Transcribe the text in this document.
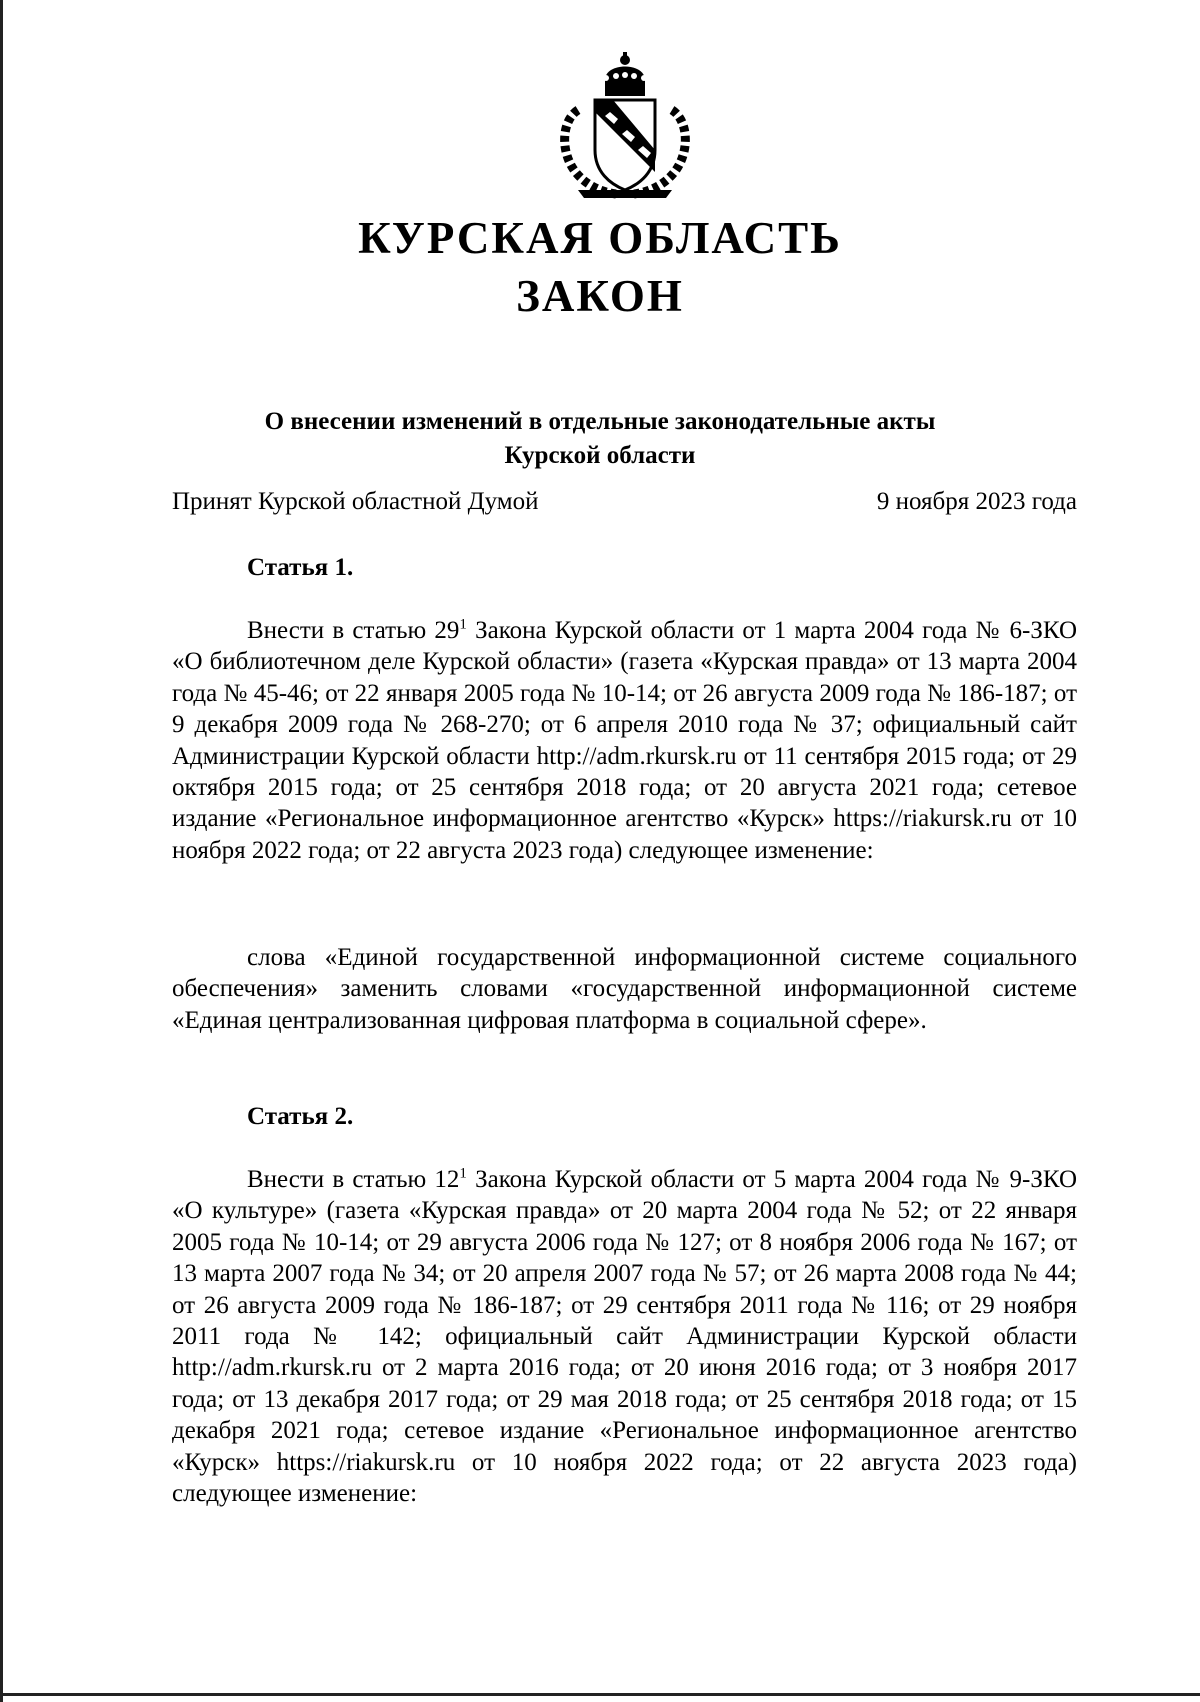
КУРСКАЯ ОБЛАСТЬ
ЗАКОН
О внесении изменений в отдельные законодательные акты
Курской области
Принят Курской областной Думой	9 ноября 2023 года
Статья 1.

Внести в статью $29^1$ Закона Курской области от 1 марта 2004 года № 6-ЗКО «О библиотечном деле Курской области» (газета «Курская правда» от 13 марта 2004 года № 45-46; от 22 января 2005 года № 10-14; от 26 августа 2009 года № 186-187; от 9 декабря 2009 года № 268-270; от 6 апреля 2010 года № 37; официальный сайт Администрации Курской области http://adm.rkursk.ru от 11 сентября 2015 года; от 29 октября 2015 года; от 25 сентября 2018 года; от 20 августа 2021 года; сетевое издание «Региональное информационное агентство «Курск» https://riakursk.ru от 10 ноября 2022 года; от 22 августа 2023 года) следующее изменение:

слова «Единой государственной информационной системе социального обеспечения» заменить словами «государственной информационной системе «Единая централизованная цифровая платформа в социальной сфере».

Статья 2.

Внести в статью $12^1$ Закона Курской области от 5 марта 2004 года № 9-ЗКО «О культуре» (газета «Курская правда» от 20 марта 2004 года № 52; от 22 января 2005 года № 10-14; от 29 августа 2006 года № 127; от 8 ноября 2006 года № 167; от 13 марта 2007 года № 34; от 20 апреля 2007 года № 57; от 26 марта 2008 года № 44; от 26 августа 2009 года № 186-187; от 29 сентября 2011 года № 116; от 29 ноября 2011 года № 142; официальный сайт Администрации Курской области http://adm.rkursk.ru от 2 марта 2016 года; от 20 июня 2016 года; от 3 ноября 2017 года; от 13 декабря 2017 года; от 29 мая 2018 года; от 25 сентября 2018 года; от 15 декабря 2021 года; сетевое издание «Региональное информационное агентство «Курск» https://riakursk.ru от 10 ноября 2022 года; от 22 августа 2023 года) следующее изменение:
